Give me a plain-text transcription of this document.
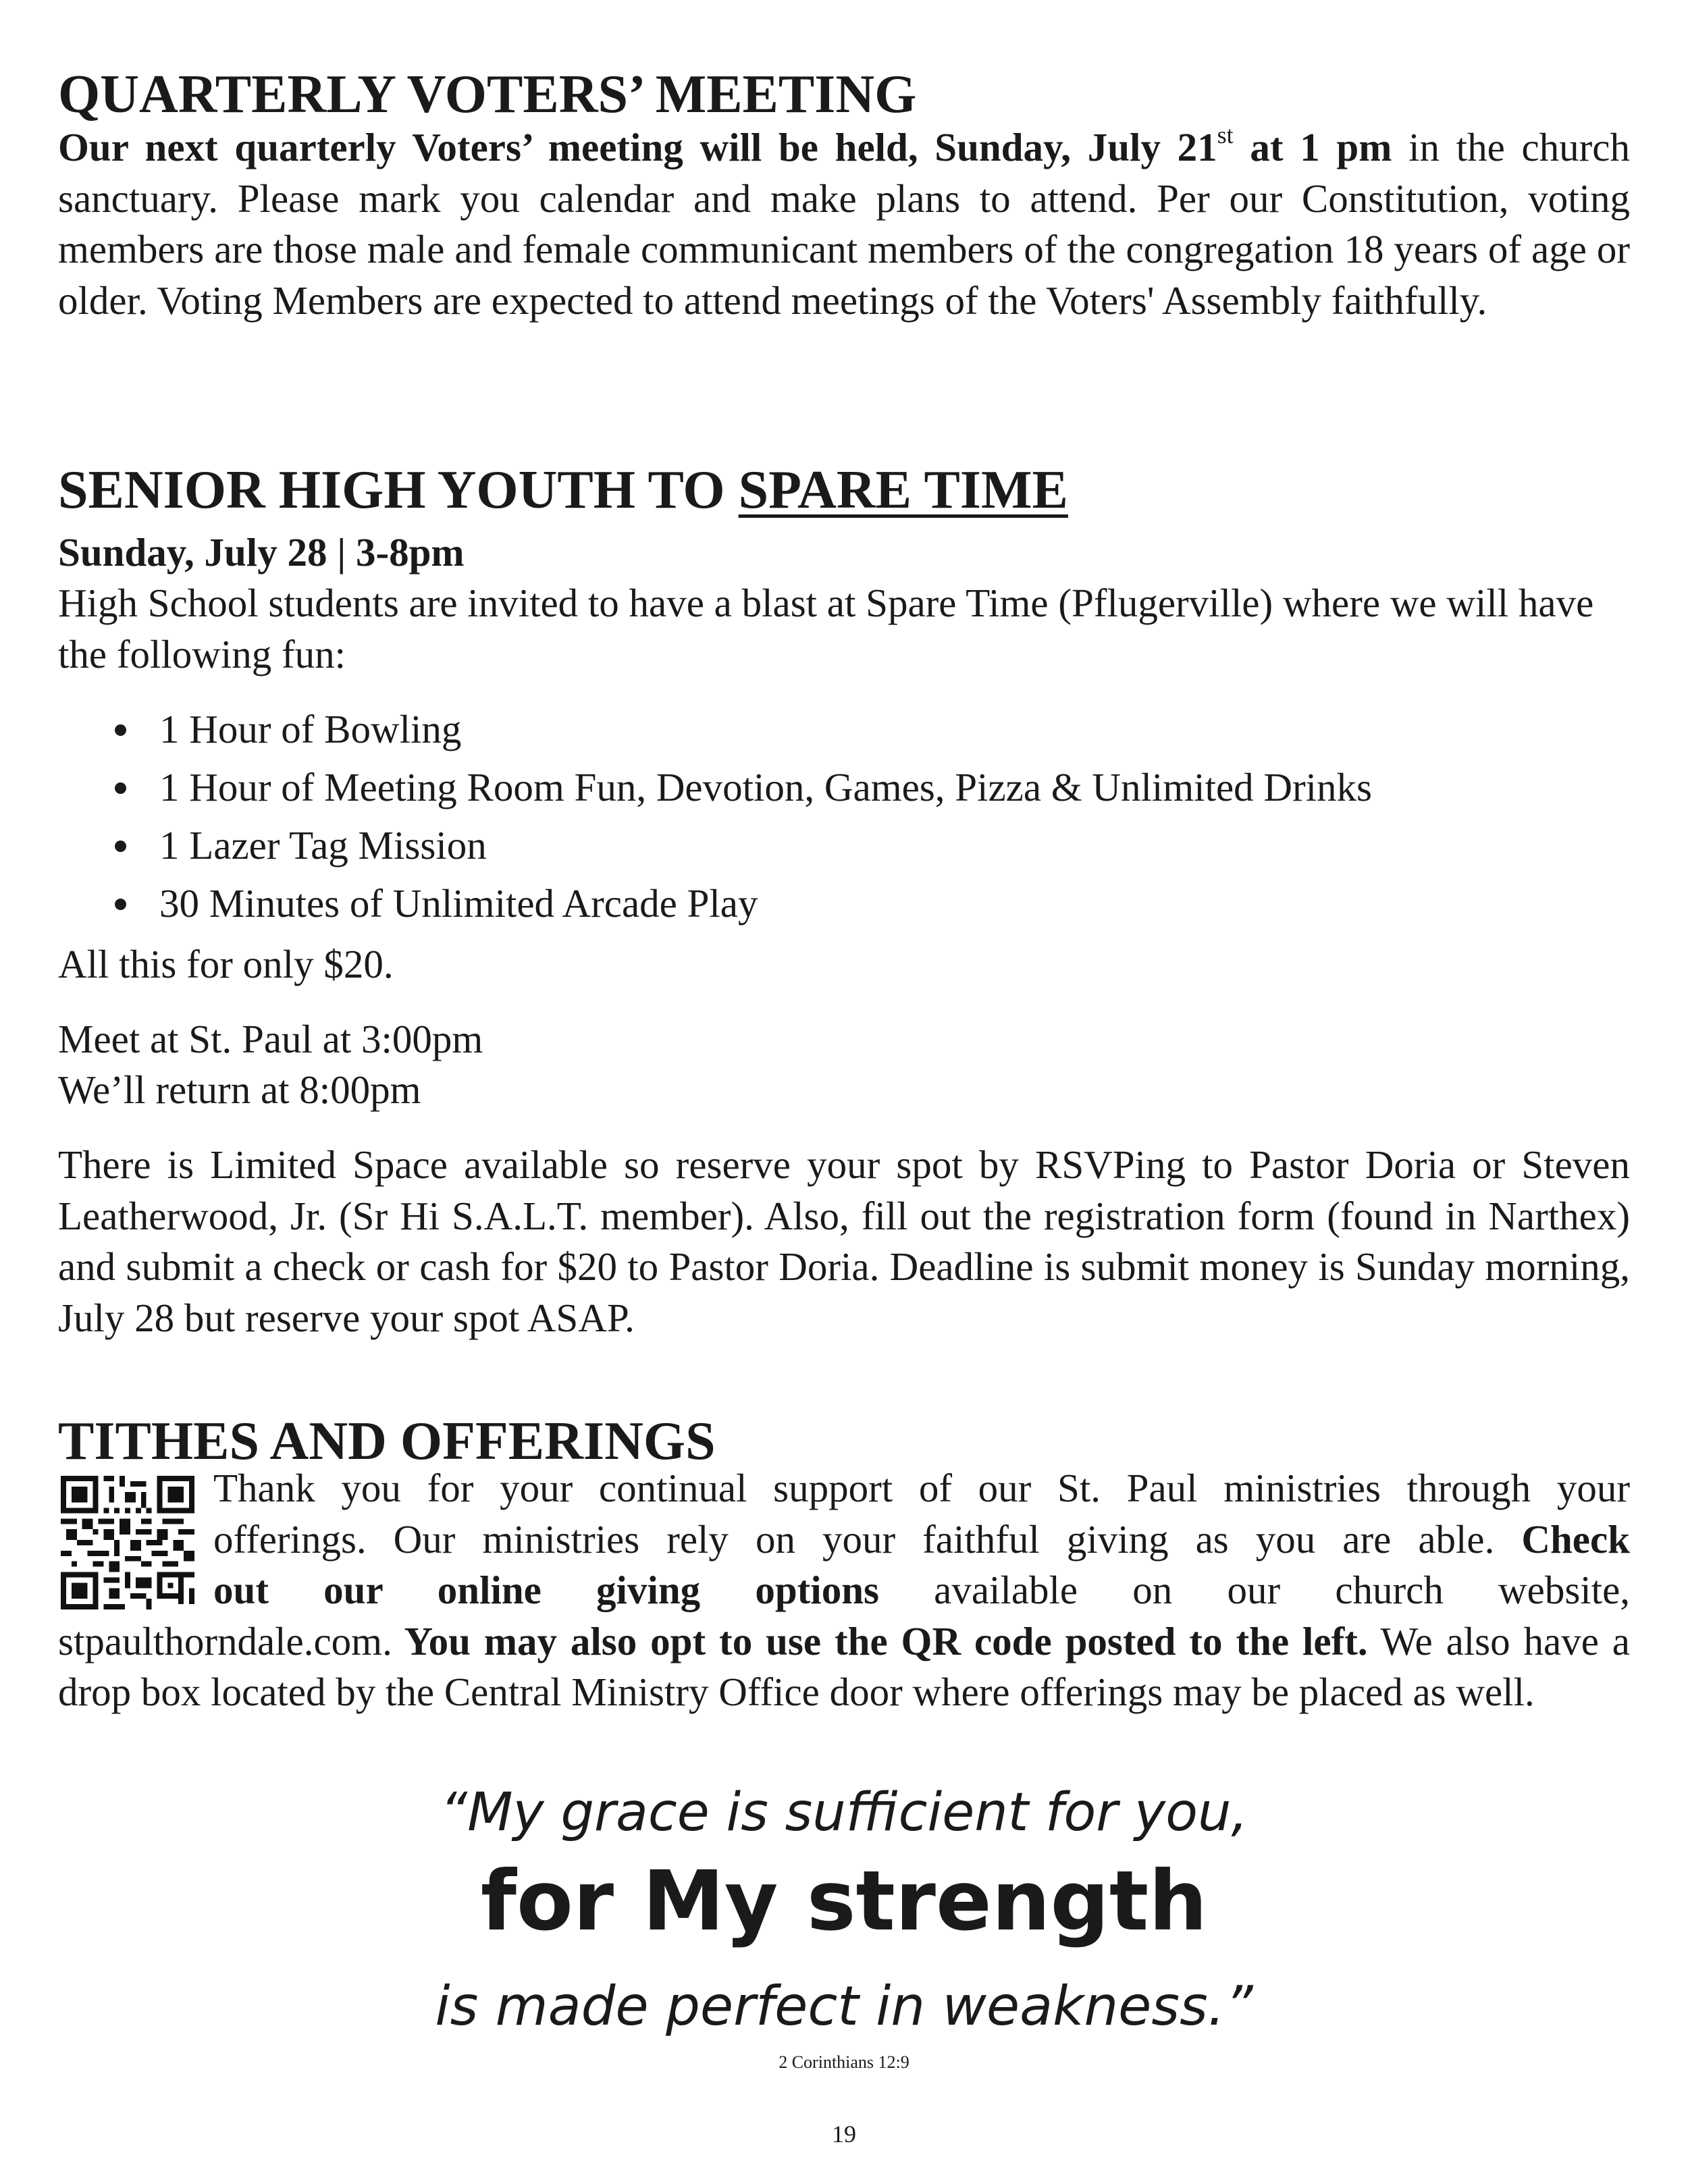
QUARTERLY VOTERS’ MEETING

Our next quarterly Voters’ meeting will be held, Sunday, July 21st at 1 pm in the church sanctuary. Please mark you calendar and make plans to attend. Per our Constitution, voting members are those male and female communicant members of the congregation 18 years of age or older. Voting Members are expected to attend meetings of the Voters' Assembly faithfully.

SENIOR HIGH YOUTH TO SPARE TIME

Sunday, July 28 | 3-8pm

High School students are invited to have a blast at Spare Time (Pflugerville) where we will have the following fun:

1 Hour of Bowling
1 Hour of Meeting Room Fun, Devotion, Games, Pizza & Unlimited Drinks
1 Lazer Tag Mission
30 Minutes of Unlimited Arcade Play

All this for only $20.

Meet at St. Paul at 3:00pm

We’ll return at 8:00pm

There is Limited Space available so reserve your spot by RSVPing to Pastor Doria or Steven Leatherwood, Jr. (Sr Hi S.A.L.T. member). Also, fill out the registration form (found in Narthex) and submit a check or cash for $20 to Pastor Doria. Deadline is submit money is Sunday morning, July 28 but reserve your spot ASAP.

TITHES AND OFFERINGS
Thank you for your continual support of our St. Paul ministries through your
offerings. Our ministries rely on your faithful giving as you are able. Check
out our online giving options available on our church website,
stpaulthorndale.com. You may also opt to use the QR code posted to the left. We also have a drop box located by the Central Ministry Office door where offerings may be placed as well.
“My grace is sufficient for you,
for My strength
is made perfect in weakness.”
2 Corinthians 12:9
19
